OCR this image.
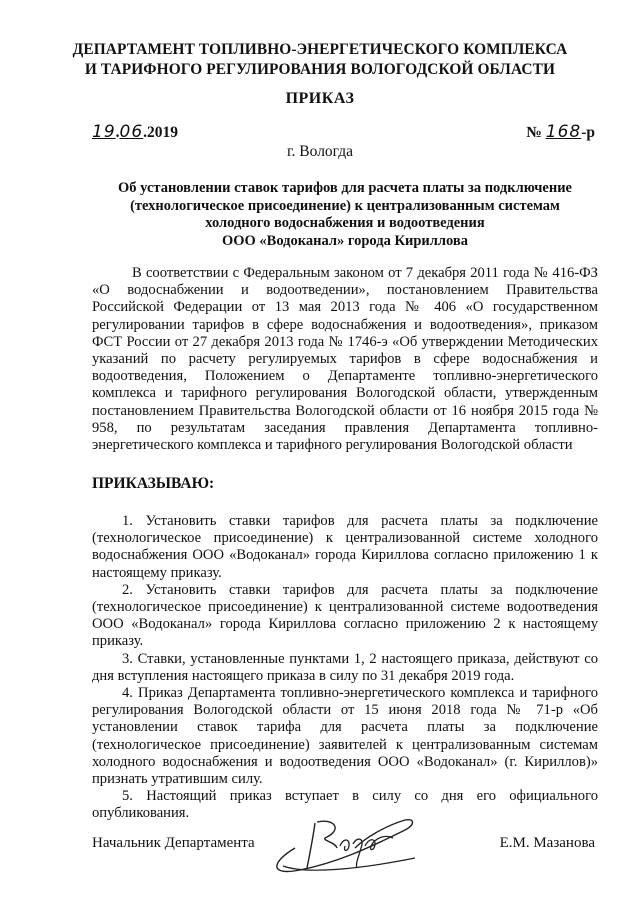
ДЕПАРТАМЕНТ ТОПЛИВНО-ЭНЕРГЕТИЧЕСКОГО КОМПЛЕКСА
И ТАРИФНОГО РЕГУЛИРОВАНИЯ ВОЛОГОДСКОЙ ОБЛАСТИ
ПРИКАЗ
19.06.2019	№ 168-р
г. Вологда
Об установлении ставок тарифов для расчета платы за подключение
(технологическое присоединение) к централизованным системам
холодного водоснабжения и водоотведения
ООО «Водоканал» города Кириллова
В соответствии с Федеральным законом от 7 декабря 2011 года № 416-ФЗ «О водоснабжении и водоотведении», постановлением Правительства Российской Федерации от 13 мая 2013 года № 406 «О государственном регулировании тарифов в сфере водоснабжения и водоотведения», приказом ФСТ России от 27 декабря 2013 года № 1746-э «Об утверждении Методических указаний по расчету регулируемых тарифов в сфере водоснабжения и водоотведения, Положением о Департаменте топливно-энергетического комплекса и тарифного регулирования Вологодской области, утвержденным постановлением Правительства Вологодской области от 16 ноября 2015 года № 958, по результатам заседания правления Департамента топливно-энергетического комплекса и тарифного регулирования Вологодской области
ПРИКАЗЫВАЮ:

1. Установить ставки тарифов для расчета платы за подключение (технологическое присоединение) к централизованной системе холодного водоснабжения ООО «Водоканал» города Кириллова согласно приложению 1 к настоящему приказу.

2. Установить ставки тарифов для расчета платы за подключение (технологическое присоединение) к централизованной системе водоотведения ООО «Водоканал» города Кириллова согласно приложению 2 к настоящему приказу.

3. Ставки, установленные пунктами 1, 2 настоящего приказа, действуют со дня вступления настоящего приказа в силу по 31 декабря 2019 года.

4. Приказ Департамента топливно-энергетического комплекса и тарифного регулирования Вологодской области от 15 июня 2018 года № 71-р «Об установлении ставок тарифа для расчета платы за подключение (технологическое присоединение) заявителей к централизованным системам холодного водоснабжения и водоотведения ООО «Водоканал» (г. Кириллов)» признать утратившим силу.

5. Настоящий приказ вступает в силу со дня его официального опубликования.

Начальник Департамента	Е.М. Мазанова
